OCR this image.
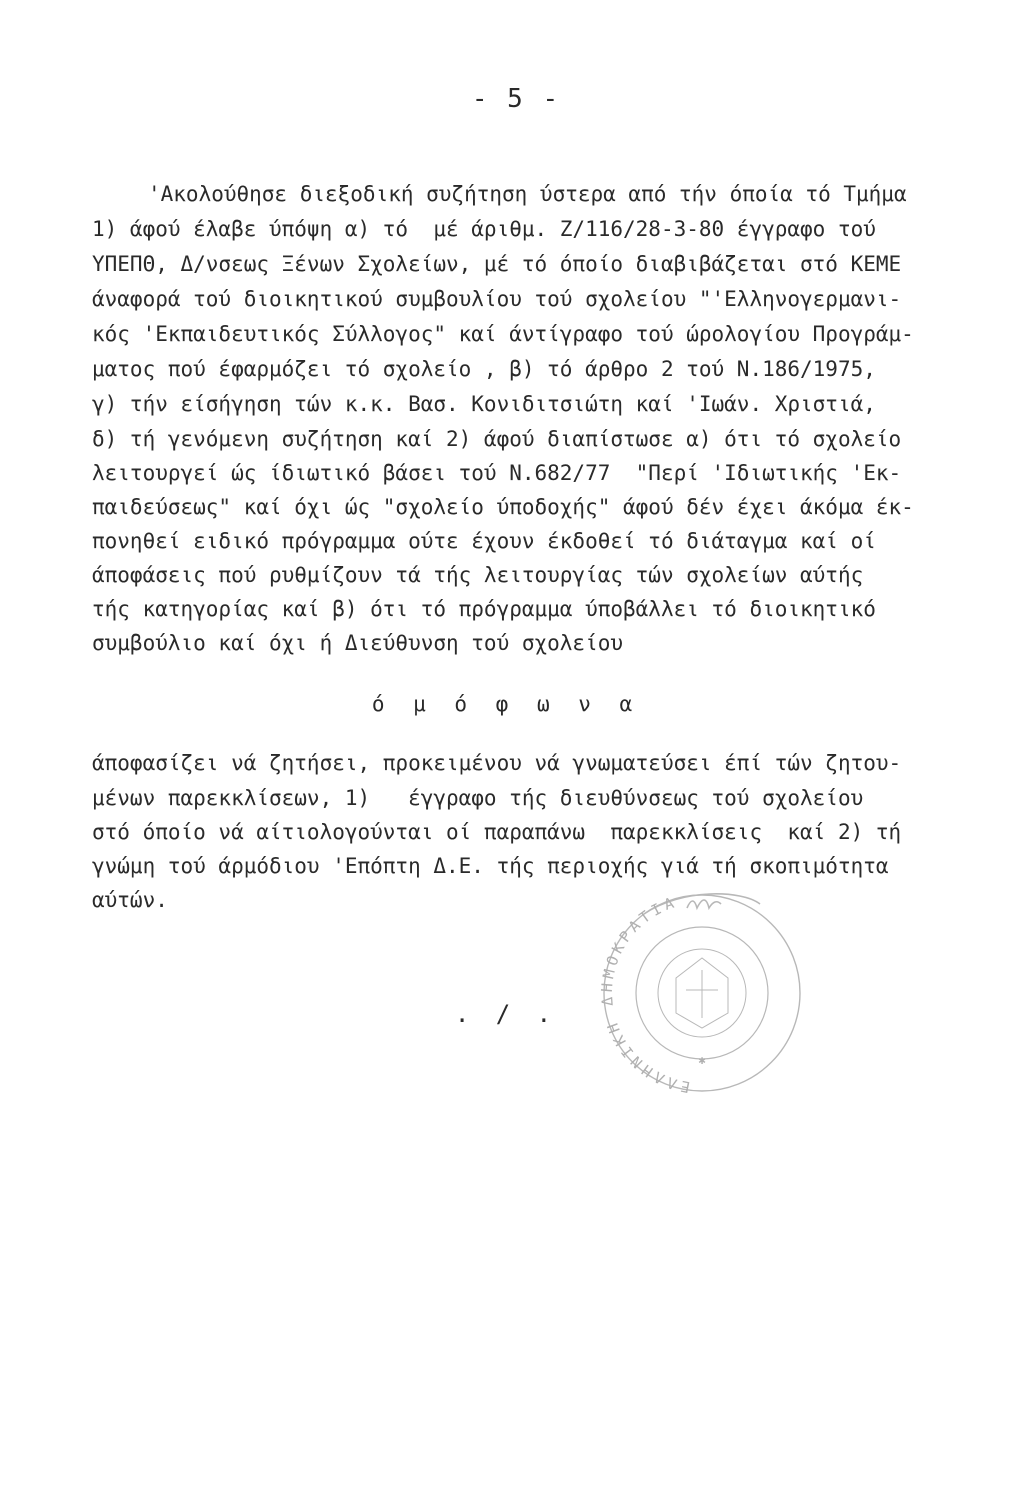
- 5 -

'Ακολούθησε διεξοδική συζήτηση ύστερα από τήν όποία τό Τμήμα

1) άφού έλαβε ύπόψη α) τό  μέ άριθμ. Ζ/116/28-3-80 έγγραφο τού

ΥΠΕΠΘ, Δ/νσεως Ξένων Σχολείων, μέ τό όποίο διαβιβάζεται στό ΚΕΜΕ

άναφορά τού διοικητικού συμβουλίου τού σχολείου "'Ελληνογερμανι-

κός 'Εκπαιδευτικός Σύλλογος" καί άντίγραφο τού ώρολογίου Προγράμ-

ματος πού έφαρμόζει τό σχολείο , β) τό άρθρο 2 τού Ν.186/1975,

γ) τήν είσήγηση τών κ.κ. Βασ. Κονιδιτσιώτη καί 'Ιωάν. Χριστιά,

δ) τή γενόμενη συζήτηση καί 2) άφού διαπίστωσε α) ότι τό σχολείο

λειτουργεί ώς ίδιωτικό βάσει τού Ν.682/77  "Περί 'Ιδιωτικής 'Εκ-

παιδεύσεως" καί όχι ώς "σχολείο ύποδοχής" άφού δέν έχει άκόμα έκ-

πονηθεί ειδικό πρόγραμμα ούτε έχουν έκδοθεί τό διάταγμα καί οί

άποφάσεις πού ρυθμίζουν τά τής λειτουργίας τών σχολείων αύτής

τής κατηγορίας καί β) ότι τό πρόγραμμα ύποβάλλει τό διοικητικό

συμβούλιο καί όχι ή Διεύθυνση τού σχολείου

ό μ ό φ ω ν α

άποφασίζει νά ζητήσει, προκειμένου νά γνωματεύσει έπί τών ζητου-

μένων παρεκκλίσεων, 1)   έγγραφο τής διευθύνσεως τού σχολείου

στό όποίο νά αίτιολογούνται οί παραπάνω  παρεκκλίσεις  καί 2) τή

γνώμη τού άρμόδιου 'Επόπτη Δ.Ε. τής περιοχής γιά τή σκοπιμότητα

αύτών.

. / .
ΕΛΛΗΝΙΚΗ ΔΗΜΟΚΡΑΤΙΑ
✱
